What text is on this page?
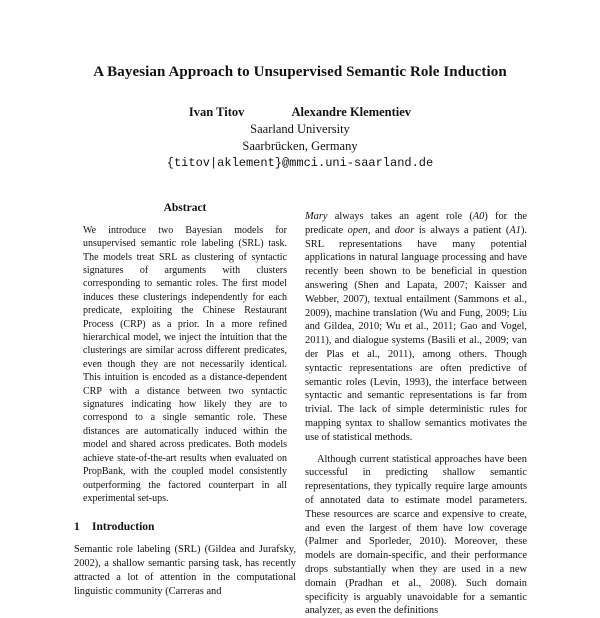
A Bayesian Approach to Unsupervised Semantic Role Induction
Ivan Titov	Alexandre Klementiev
Saarland University
Saarbrücken, Germany
{titov|aklement}@mmci.uni-saarland.de
Abstract
We introduce two Bayesian models for unsupervised semantic role labeling (SRL) task. The models treat SRL as clustering of syntactic signatures of arguments with clusters corresponding to semantic roles. The first model induces these clusterings independently for each predicate, exploiting the Chinese Restaurant Process (CRP) as a prior. In a more refined hierarchical model, we inject the intuition that the clusterings are similar across different predicates, even though they are not necessarily identical. This intuition is encoded as a distance-dependent CRP with a distance between two syntactic signatures indicating how likely they are to correspond to a single semantic role. These distances are automatically induced within the model and shared across predicates. Both models achieve state-of-the-art results when evaluated on PropBank, with the coupled model consistently outperforming the factored counterpart in all experimental set-ups.
1 Introduction

Semantic role labeling (SRL) (Gildea and Jurafsky, 2002), a shallow semantic parsing task, has recently attracted a lot of attention in the computational linguistic community (Carreras and

Mary always takes an agent role (A0) for the predicate open, and door is always a patient (A1). SRL representations have many potential applications in natural language processing and have recently been shown to be beneficial in question answering (Shen and Lapata, 2007; Kaisser and Webber, 2007), textual entailment (Sammons et al., 2009), machine translation (Wu and Fung, 2009; Liu and Gildea, 2010; Wu et al., 2011; Gao and Vogel, 2011), and dialogue systems (Basili et al., 2009; van der Plas et al., 2011), among others. Though syntactic representations are often predictive of semantic roles (Levin, 1993), the interface between syntactic and semantic representations is far from trivial. The lack of simple deterministic rules for mapping syntax to shallow semantics motivates the use of statistical methods.

Although current statistical approaches have been successful in predicting shallow semantic representations, they typically require large amounts of annotated data to estimate model parameters. These resources are scarce and expensive to create, and even the largest of them have low coverage (Palmer and Sporleder, 2010). Moreover, these models are domain-specific, and their performance drops substantially when they are used in a new domain (Pradhan et al., 2008). Such domain specificity is arguably unavoidable for a semantic analyzer, as even the definitions
